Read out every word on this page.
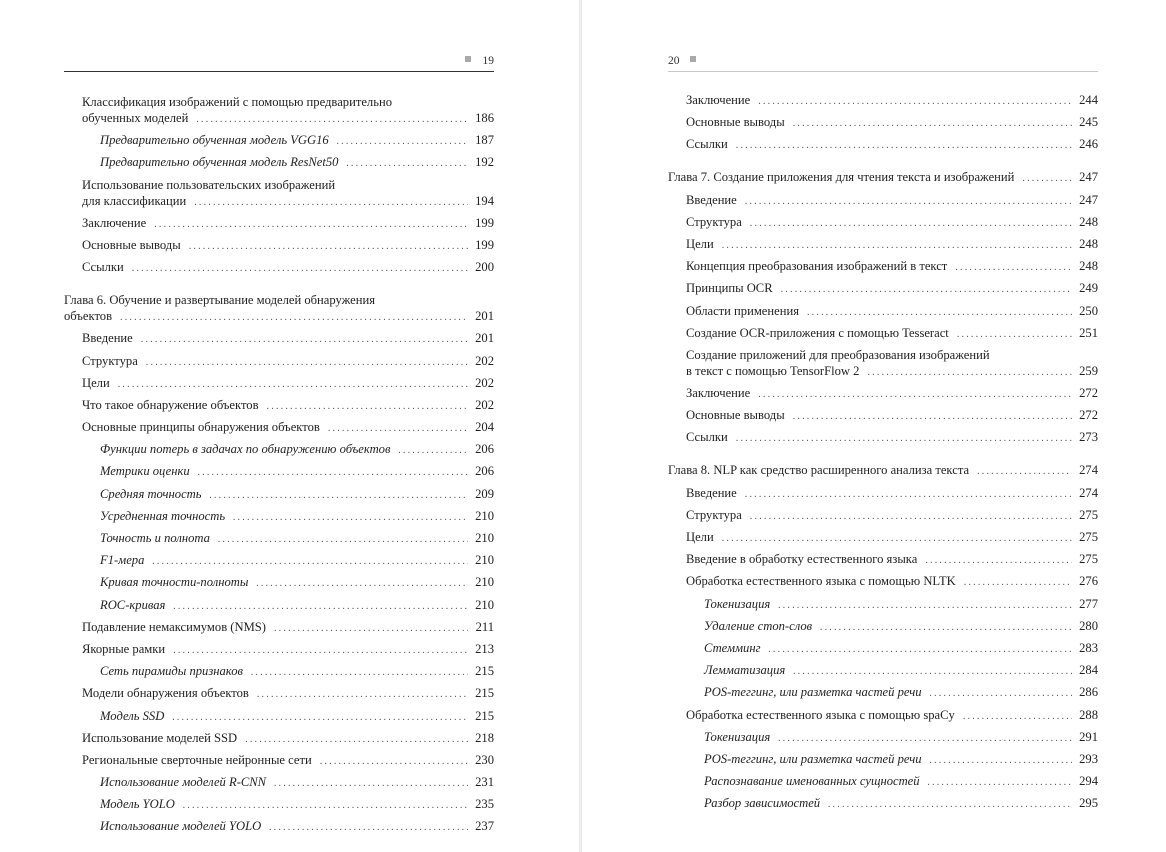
19
Классификация изображений с помощью предварительно
обученных моделей .....	186
Предварительно обученная модель VGG16 .....	187
Предварительно обученная модель ResNet50 .....	192
Использование пользовательских изображений
для классификации .....	194
Заключение .....	199
Основные выводы .....	199
Ссылки .....	200
Глава 6. Обучение и развертывание моделей обнаружения
объектов .....	201
Введение .....	201
Структура .....	202
Цели .....	202
Что такое обнаружение объектов .....	202
Основные принципы обнаружения объектов .....	204
Функции потерь в задачах по обнаружению объектов .....	206
Метрики оценки .....	206
Средняя точность .....	209
Усредненная точность .....	210
Точность и полнота .....	210
F1-мера .....	210
Кривая точности-полноты .....	210
ROC-кривая .....	210
Подавление немаксимумов (NMS) .....	211
Якорные рамки .....	213
Сеть пирамиды признаков .....	215
Модели обнаружения объектов .....	215
Модель SSD .....	215
Использование моделей SSD .....	218
Региональные сверточные нейронные сети .....	230
Использование моделей R-CNN .....	231
Модель YOLO .....	235
Использование моделей YOLO .....	237
20
Заключение .....	244
Основные выводы .....	245
Ссылки .....	246
Глава 7. Создание приложения для чтения текста и изображений .....	247
Введение .....	247
Структура .....	248
Цели .....	248
Концепция преобразования изображений в текст .....	248
Принципы OCR .....	249
Области применения .....	250
Создание OCR-приложения с помощью Tesseract .....	251
Создание приложений для преобразования изображений
в текст с помощью TensorFlow 2 .....	259
Заключение .....	272
Основные выводы .....	272
Ссылки .....	273
Глава 8. NLP как средство расширенного анализа текста .....	274
Введение .....	274
Структура .....	275
Цели .....	275
Введение в обработку естественного языка .....	275
Обработка естественного языка с помощью NLTK .....	276
Токенизация .....	277
Удаление стоп-слов .....	280
Стемминг .....	283
Лемматизация .....	284
POS-теггинг, или разметка частей речи .....	286
Обработка естественного языка с помощью spaCy .....	288
Токенизация .....	291
POS-теггинг, или разметка частей речи .....	293
Распознавание именованных сущностей .....	294
Разбор зависимостей .....	295
